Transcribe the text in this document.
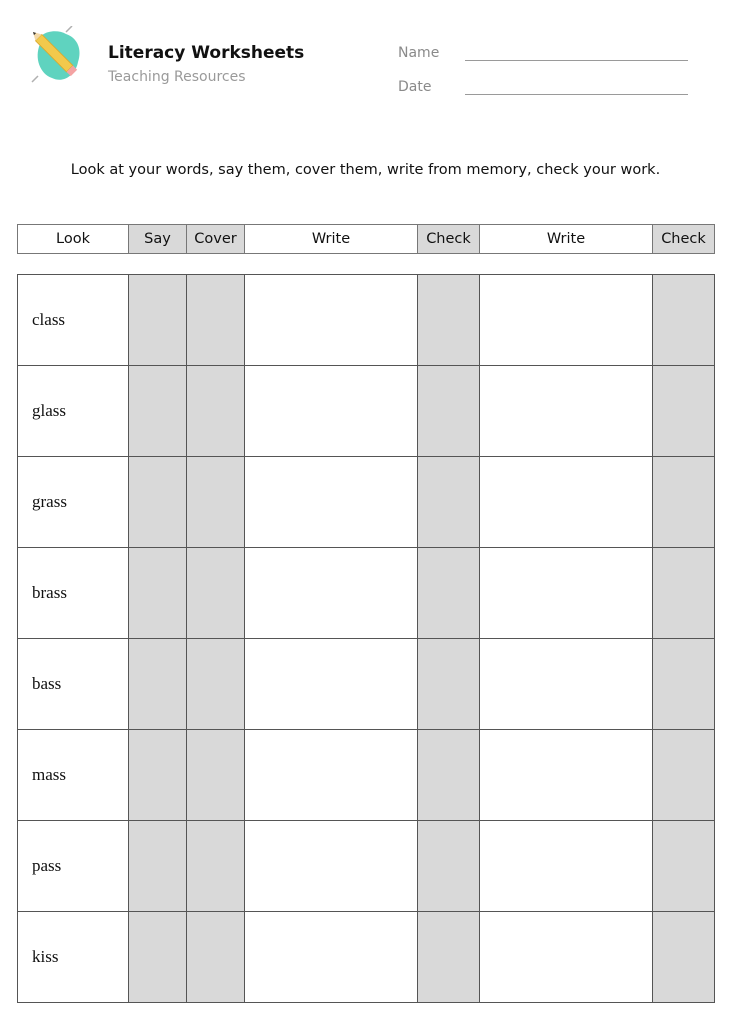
Literacy Worksheets
Teaching Resources
Name
Date
Look at your words, say them, cover them, write from memory, check your work.
Look	Say	Cover	Write	Check	Write	Check
class						
glass						
grass						
brass						
bass						
mass						
pass						
kiss						
